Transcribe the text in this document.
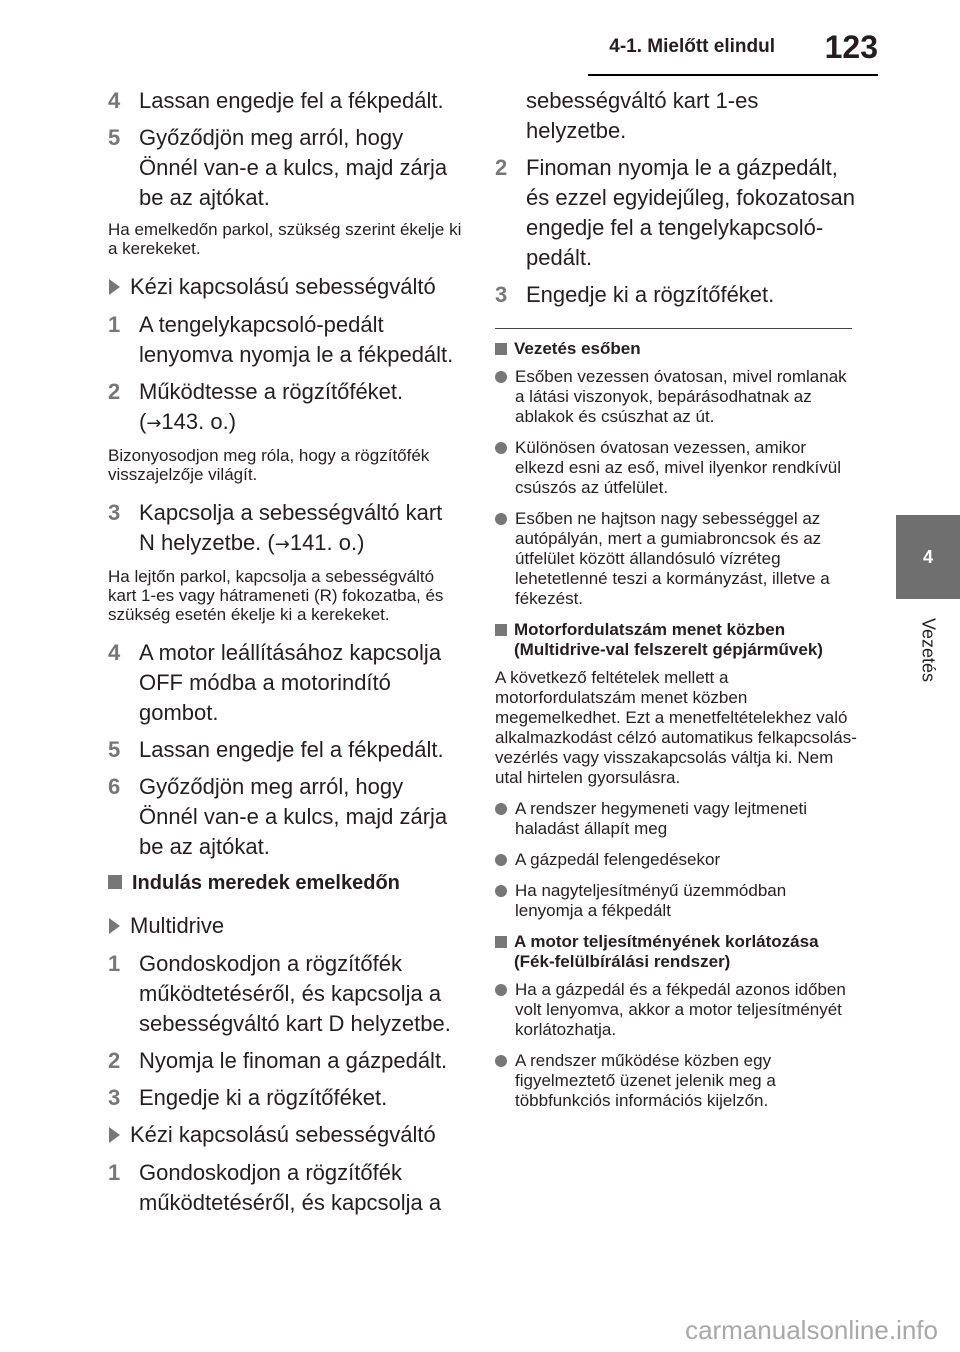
4-1. Mielőtt elindul 123
4
Vezetés
4 Lassan engedje fel a fékpedált.
5 Győződjön meg arról, hogy Önnél van-e a kulcs, majd zárja be az ajtókat.
Ha emelkedőn parkol, szükség szerint ékelje ki a kerekeket.
Kézi kapcsolású sebességváltó
1 A tengelykapcsoló-pedált lenyomva nyomja le a fékpedált.
2 Működtesse a rögzítőféket. (→143. o.)
Bizonyosodjon meg róla, hogy a rögzítőfék visszajelzője világít.
3 Kapcsolja a sebességváltó kart N helyzetbe. (→141. o.)
Ha lejtőn parkol, kapcsolja a sebességváltó kart 1-es vagy hátrameneti (R) fokozatba, és szükség esetén ékelje ki a kerekeket.
4 A motor leállításához kapcsolja OFF módba a motorindító gombot.
5 Lassan engedje fel a fékpedált.
6 Győződjön meg arról, hogy Önnél van-e a kulcs, majd zárja be az ajtókat.
Indulás meredek emelkedőn
Multidrive
1 Gondoskodjon a rögzítőfék működtetéséről, és kapcsolja a sebességváltó kart D helyzetbe.
2 Nyomja le finoman a gázpedált.
3 Engedje ki a rögzítőféket.
Kézi kapcsolású sebességváltó
1 Gondoskodjon a rögzítőfék működtetéséről, és kapcsolja a
sebességváltó kart 1-es helyzetbe.
2 Finoman nyomja le a gázpedált, és ezzel egyidejűleg, fokozatosan engedje fel a tengelykapcsoló-pedált.
3 Engedje ki a rögzítőféket.
Vezetés esőben
Esőben vezessen óvatosan, mivel romlanak a látási viszonyok, bepárásodhatnak az ablakok és csúszhat az út.
Különösen óvatosan vezessen, amikor elkezd esni az eső, mivel ilyenkor rendkívül csúszós az útfelület.
Esőben ne hajtson nagy sebességgel az autópályán, mert a gumiabroncsok és az útfelület között állandósuló vízréteg lehetetlenné teszi a kormányzást, illetve a fékezést.
Motorfordulatszám menet közben (Multidrive-val felszerelt gépjárművek)
A következő feltételek mellett a motorfordulatszám menet közben megemelkedhet. Ezt a menetfeltételekhez való alkalmazkodást célzó automatikus felkapcsolás-vezérlés vagy visszakapcsolás váltja ki. Nem utal hirtelen gyorsulásra.
A rendszer hegymeneti vagy lejtmeneti haladást állapít meg
A gázpedál felengedésekor
Ha nagyteljesítményű üzemmódban lenyomja a fékpedált
A motor teljesítményének korlátozása (Fék-felülbírálási rendszer)
Ha a gázpedál és a fékpedál azonos időben volt lenyomva, akkor a motor teljesítményét korlátozhatja.
A rendszer működése közben egy figyelmeztető üzenet jelenik meg a többfunkciós információs kijelzőn.
carmanualsonline.info
